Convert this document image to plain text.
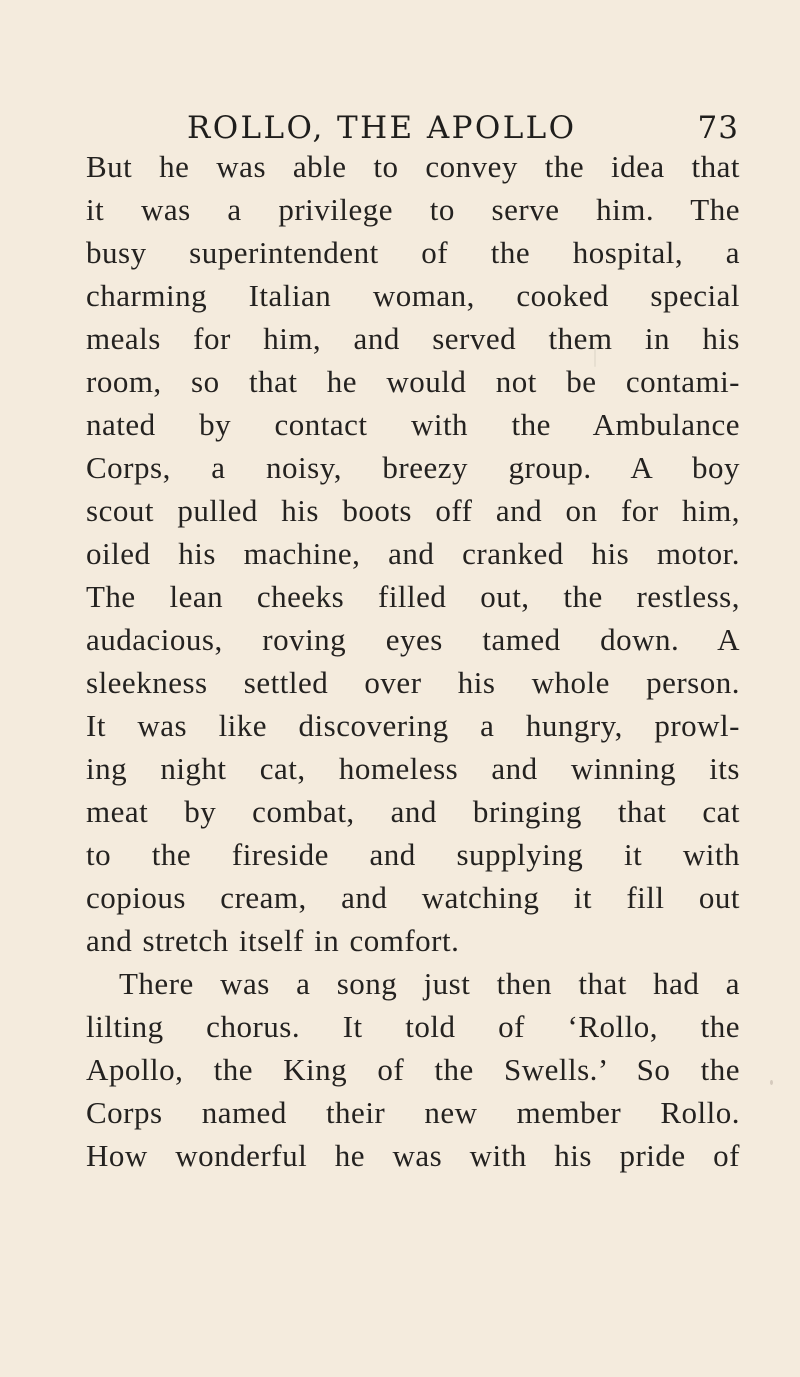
ROLLO, THE APOLLO	73
But he was able to convey the idea that
it was a privilege to serve him. The
busy superintendent of the hospital, a
charming Italian woman, cooked special
meals for him, and served them in his
room, so that he would not be contami-
nated by contact with the Ambulance
Corps, a noisy, breezy group. A boy
scout pulled his boots off and on for him,
oiled his machine, and cranked his motor.
The lean cheeks filled out, the restless,
audacious, roving eyes tamed down. A
sleekness settled over his whole person.
It was like discovering a hungry, prowl-
ing night cat, homeless and winning its
meat by combat, and bringing that cat
to the fireside and supplying it with
copious cream, and watching it fill out
and stretch itself in comfort.
There was a song just then that had a
lilting chorus. It told of ‘Rollo, the
Apollo, the King of the Swells.’ So the
Corps named their new member Rollo.
How wonderful he was with his pride of
